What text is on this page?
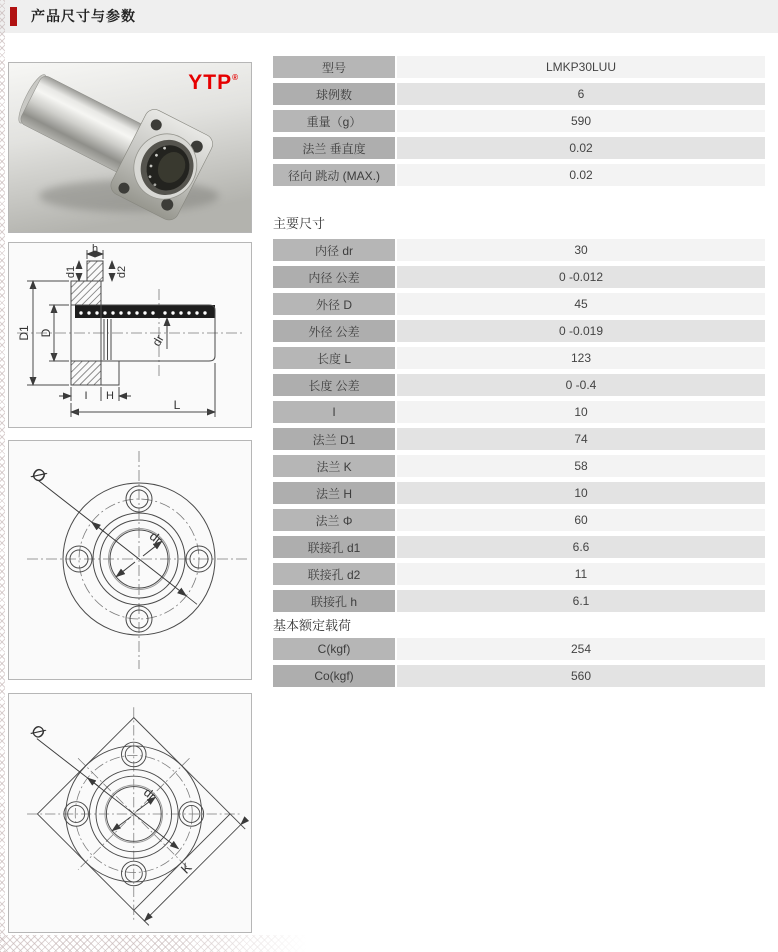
产品尺寸与参数
YTP®
h
d1	d2
D1 D	dr
I H
L
Ø
dr
Ø
dr
K
型号	LMKP30LUU
球例数	6
重量（g）	590
法兰 垂直度	0.02
径向 跳动 (MAX.)	0.02
主要尺寸
内径 dr	30
内径 公差	0 -0.012
外径 D	45
外径 公差	0 -0.019
长度 L	123
长度 公差	0 -0.4
I	10
法兰 D1	74
法兰 K	58
法兰 H	10
法兰 Φ	60
联接孔 d1	6.6
联接孔 d2	11
联接孔 h	6.1
基本额定载荷
C(kgf)	254
Co(kgf)	560
